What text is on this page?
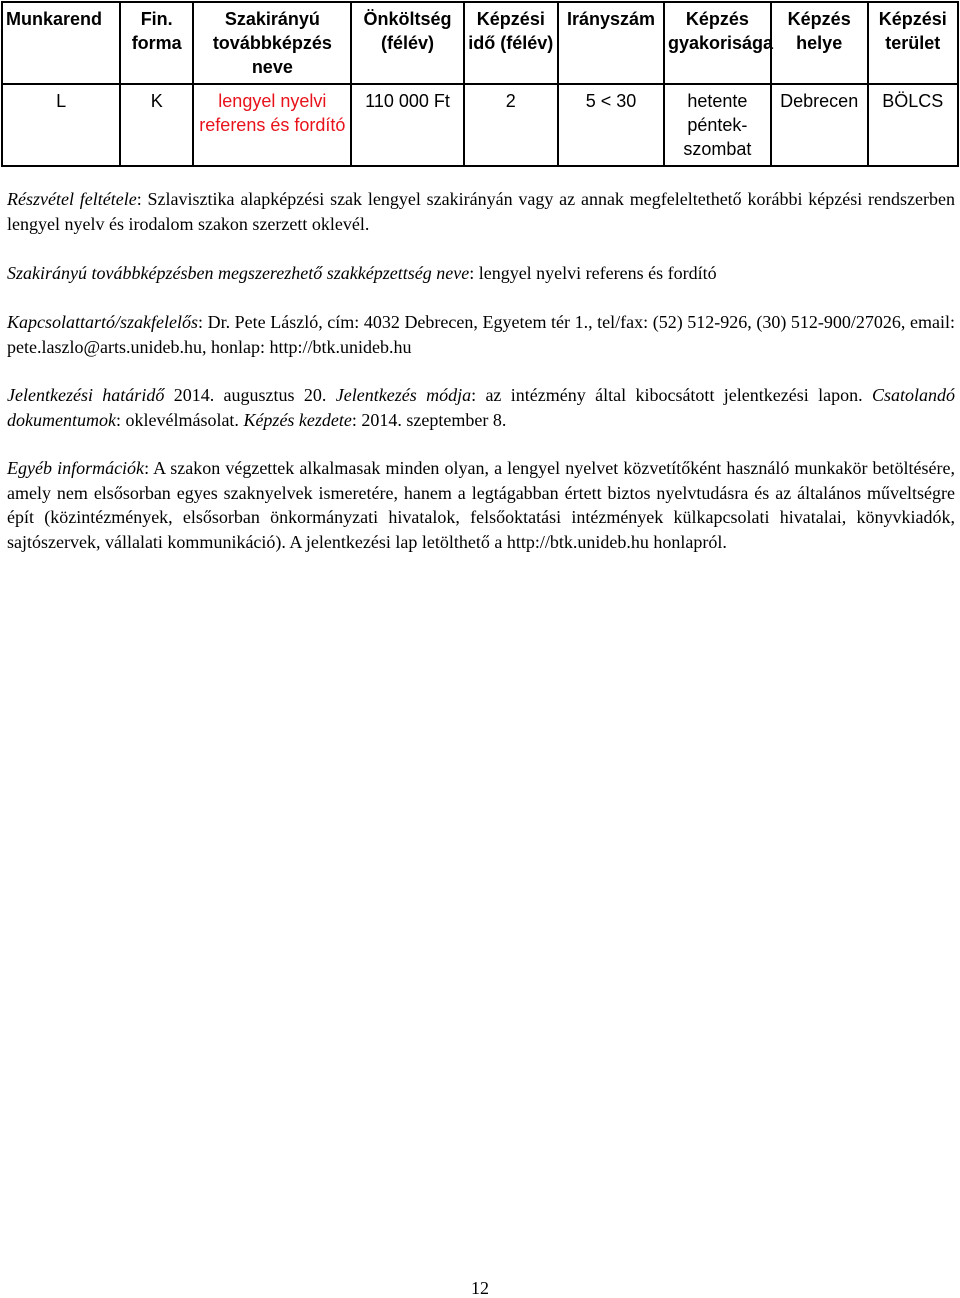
Munkarend	Fin. forma	Szakirányú továbbképzés neve	Önköltség (félév)	Képzési idő (félév)	Irányszám	Képzés gyakorisága	Képzés helye	Képzési terület
L	K	lengyel nyelvi referens és fordító	110 000 Ft	2	5 < 30	hetente péntek-szombat	Debrecen	BÖLCS

Részvétel feltétele: Szlavisztika alapképzési szak lengyel szakirányán vagy az annak megfeleltethető korábbi képzési rendszerben lengyel nyelv és irodalom szakon szerzett oklevél.

Szakirányú továbbképzésben megszerezhető szakképzettség neve: lengyel nyelvi referens és fordító

Kapcsolattartó/szakfelelős: Dr. Pete László, cím: 4032 Debrecen, Egyetem tér 1., tel/fax: (52) 512-926, (30) 512-900/27026, email: pete.laszlo@arts.unideb.hu, honlap: http://btk.unideb.hu

Jelentkezési határidő 2014. augusztus 20. Jelentkezés módja: az intézmény által kibocsátott jelentkezési lapon. Csatolandó dokumentumok: oklevélmásolat. Képzés kezdete: 2014. szeptember 8.

Egyéb információk: A szakon végzettek alkalmasak minden olyan, a lengyel nyelvet közvetítőként használó munkakör betöltésére, amely nem elsősorban egyes szaknyelvek ismeretére, hanem a legtágabban értett biztos nyelvtudásra és az általános műveltségre épít (közintézmények, elsősorban önkormányzati hivatalok, felsőoktatási intézmények külkapcsolati hivatalai, könyvkiadók, sajtószervek, vállalati kommunikáció). A jelentkezési lap letölthető a http://btk.unideb.hu honlapról.

12
